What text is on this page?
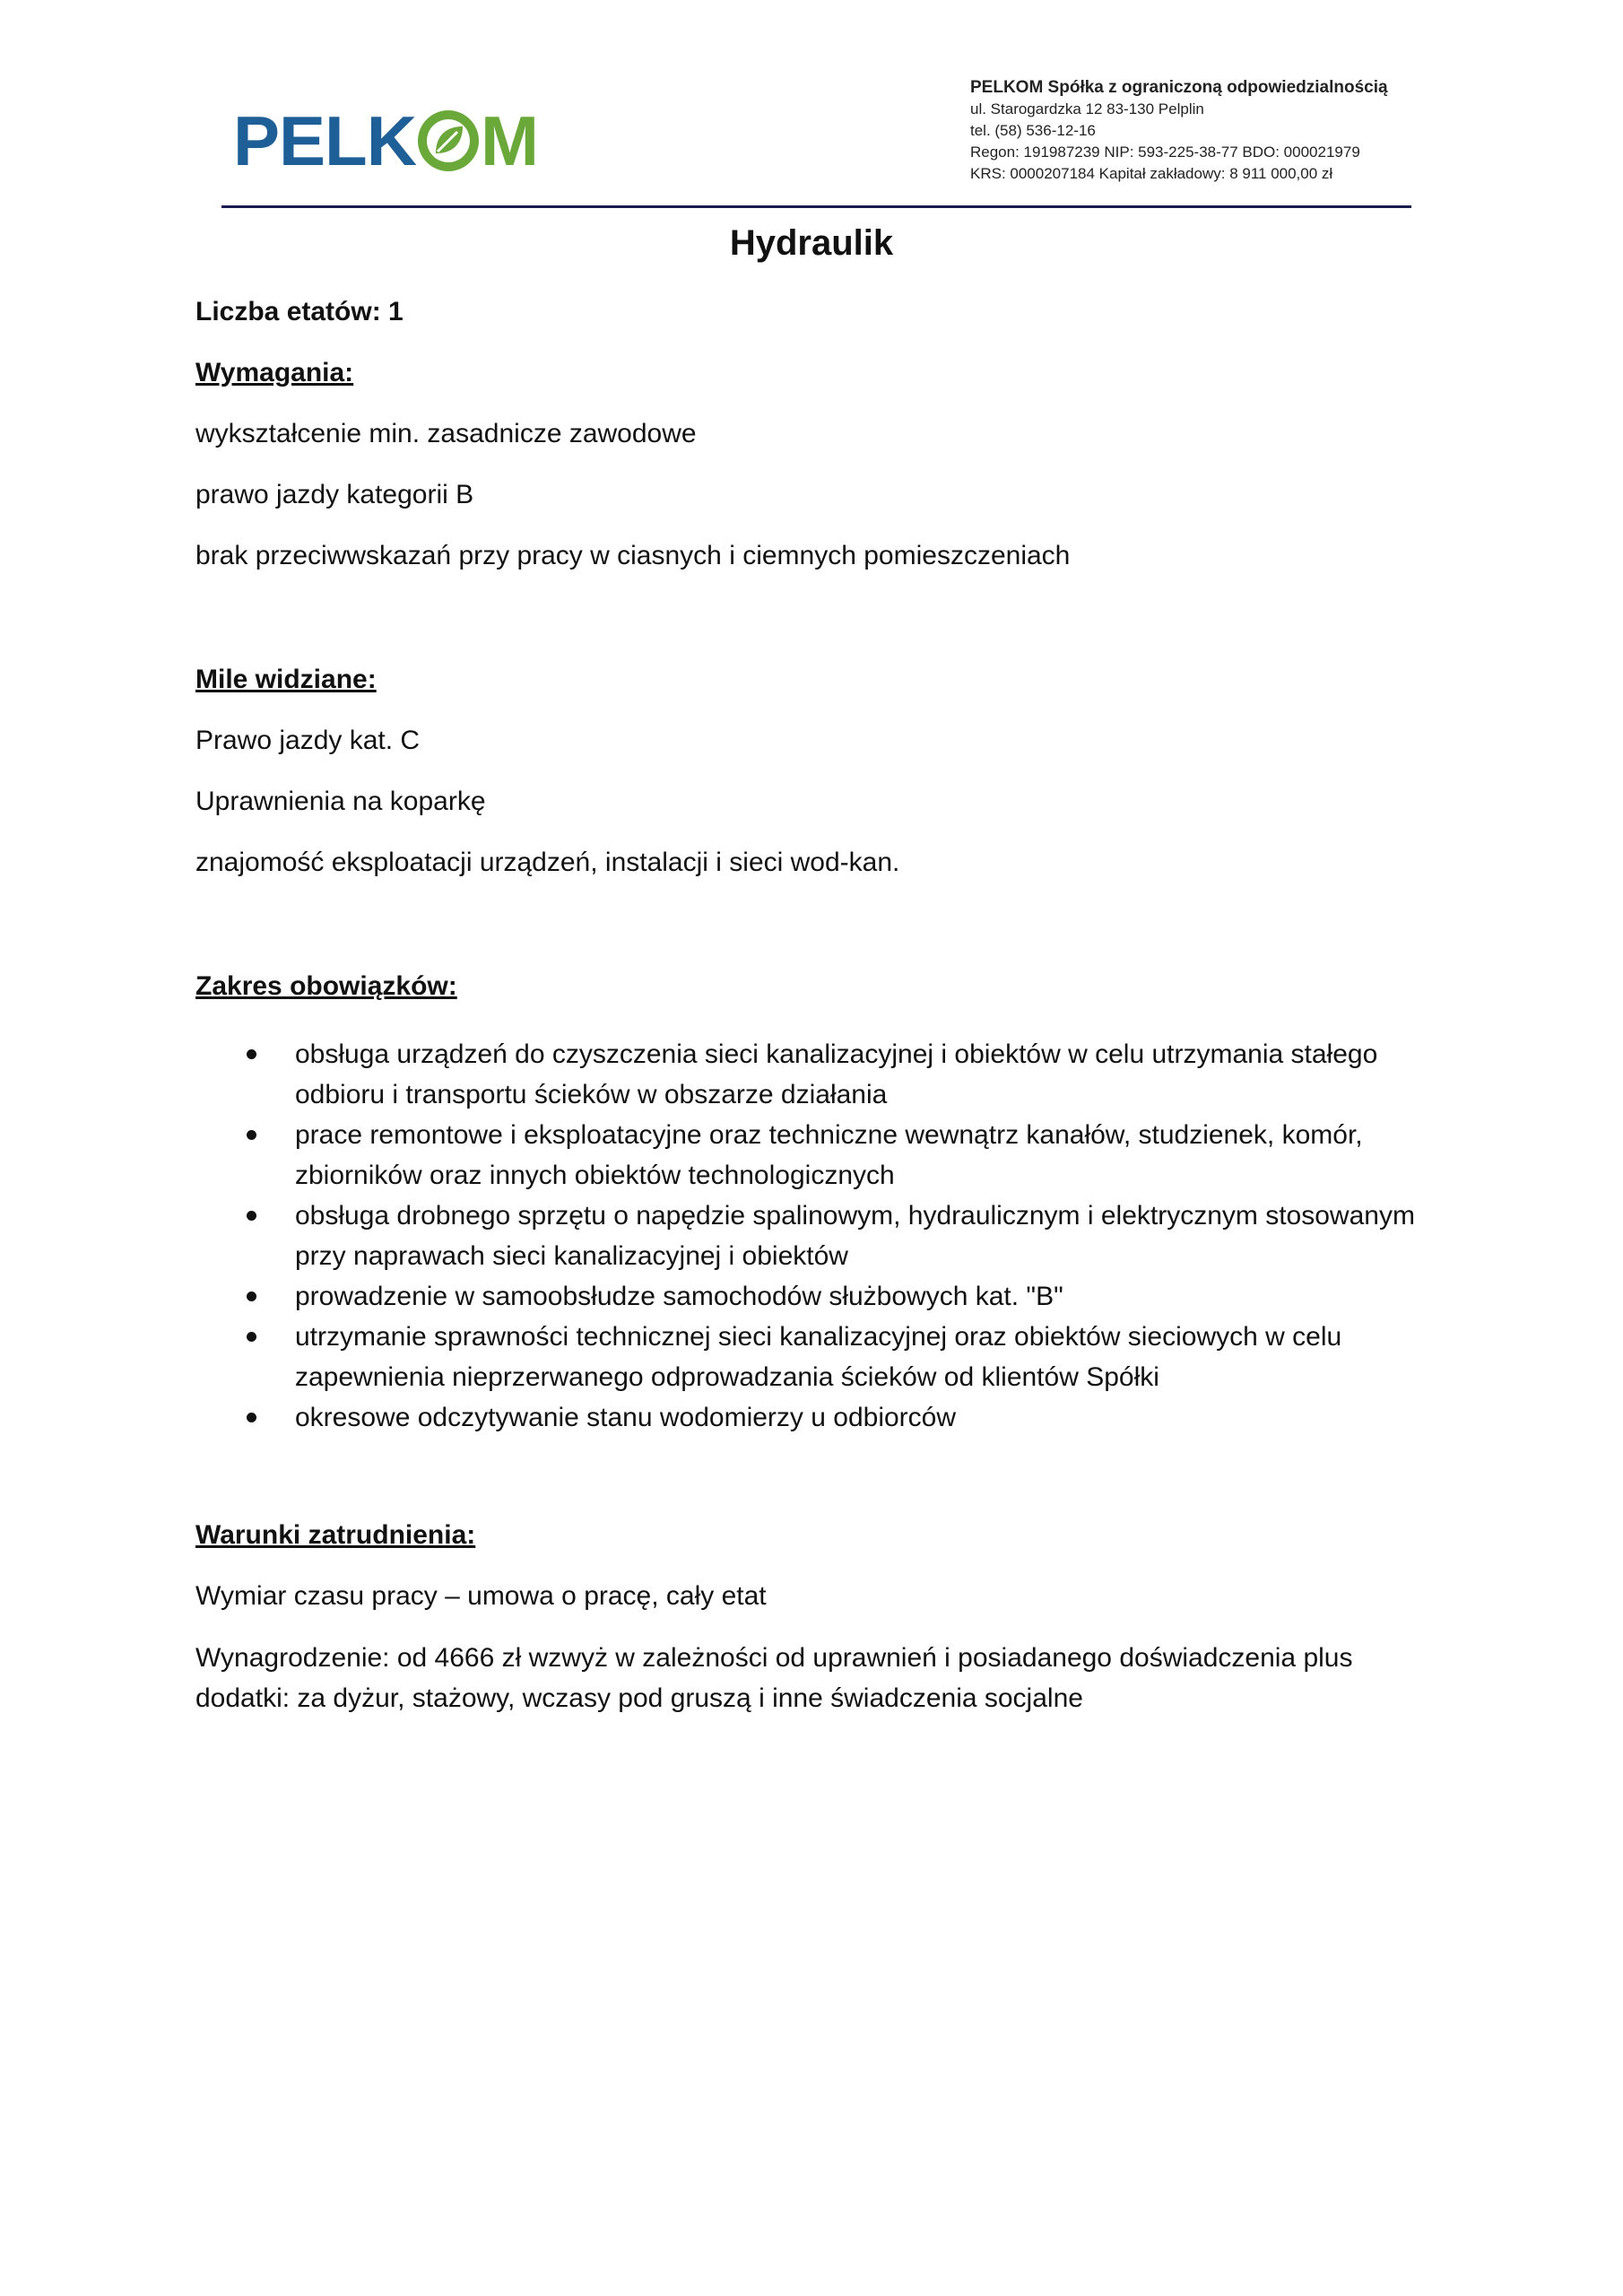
PELK M
PELKOM Spółka z ograniczoną odpowiedzialnością
ul. Starogardzka 12 83-130 Pelplin
tel. (58) 536-12-16
Regon: 191987239 NIP: 593-225-38-77 BDO: 000021979
KRS: 0000207184 Kapitał zakładowy: 8 911 000,00 zł
Hydraulik
Liczba etatów: 1
Wymagania:
wykształcenie min. zasadnicze zawodowe
prawo jazdy kategorii B
brak przeciwwskazań przy pracy w ciasnych i ciemnych pomieszczeniach
Mile widziane:
Prawo jazdy kat. C
Uprawnienia na koparkę
znajomość eksploatacji urządzeń, instalacji i sieci wod-kan.
Zakres obowiązków:
obsługa urządzeń do czyszczenia sieci kanalizacyjnej i obiektów w celu utrzymania stałego odbioru i transportu ścieków w obszarze działania
prace remontowe i eksploatacyjne oraz techniczne wewnątrz kanałów, studzienek, komór, zbiorników oraz innych obiektów technologicznych
obsługa drobnego sprzętu o napędzie spalinowym, hydraulicznym i elektrycznym stosowanym przy naprawach sieci kanalizacyjnej i obiektów
prowadzenie w samoobsłudze samochodów służbowych kat. "B"
utrzymanie sprawności technicznej sieci kanalizacyjnej oraz obiektów sieciowych w celu zapewnienia nieprzerwanego odprowadzania ścieków od klientów Spółki
okresowe odczytywanie stanu wodomierzy u odbiorców
Warunki zatrudnienia:
Wymiar czasu pracy – umowa o pracę, cały etat
Wynagrodzenie: od 4666 zł wzwyż w zależności od uprawnień i posiadanego doświadczenia plus dodatki: za dyżur, stażowy, wczasy pod gruszą i inne świadczenia socjalne
